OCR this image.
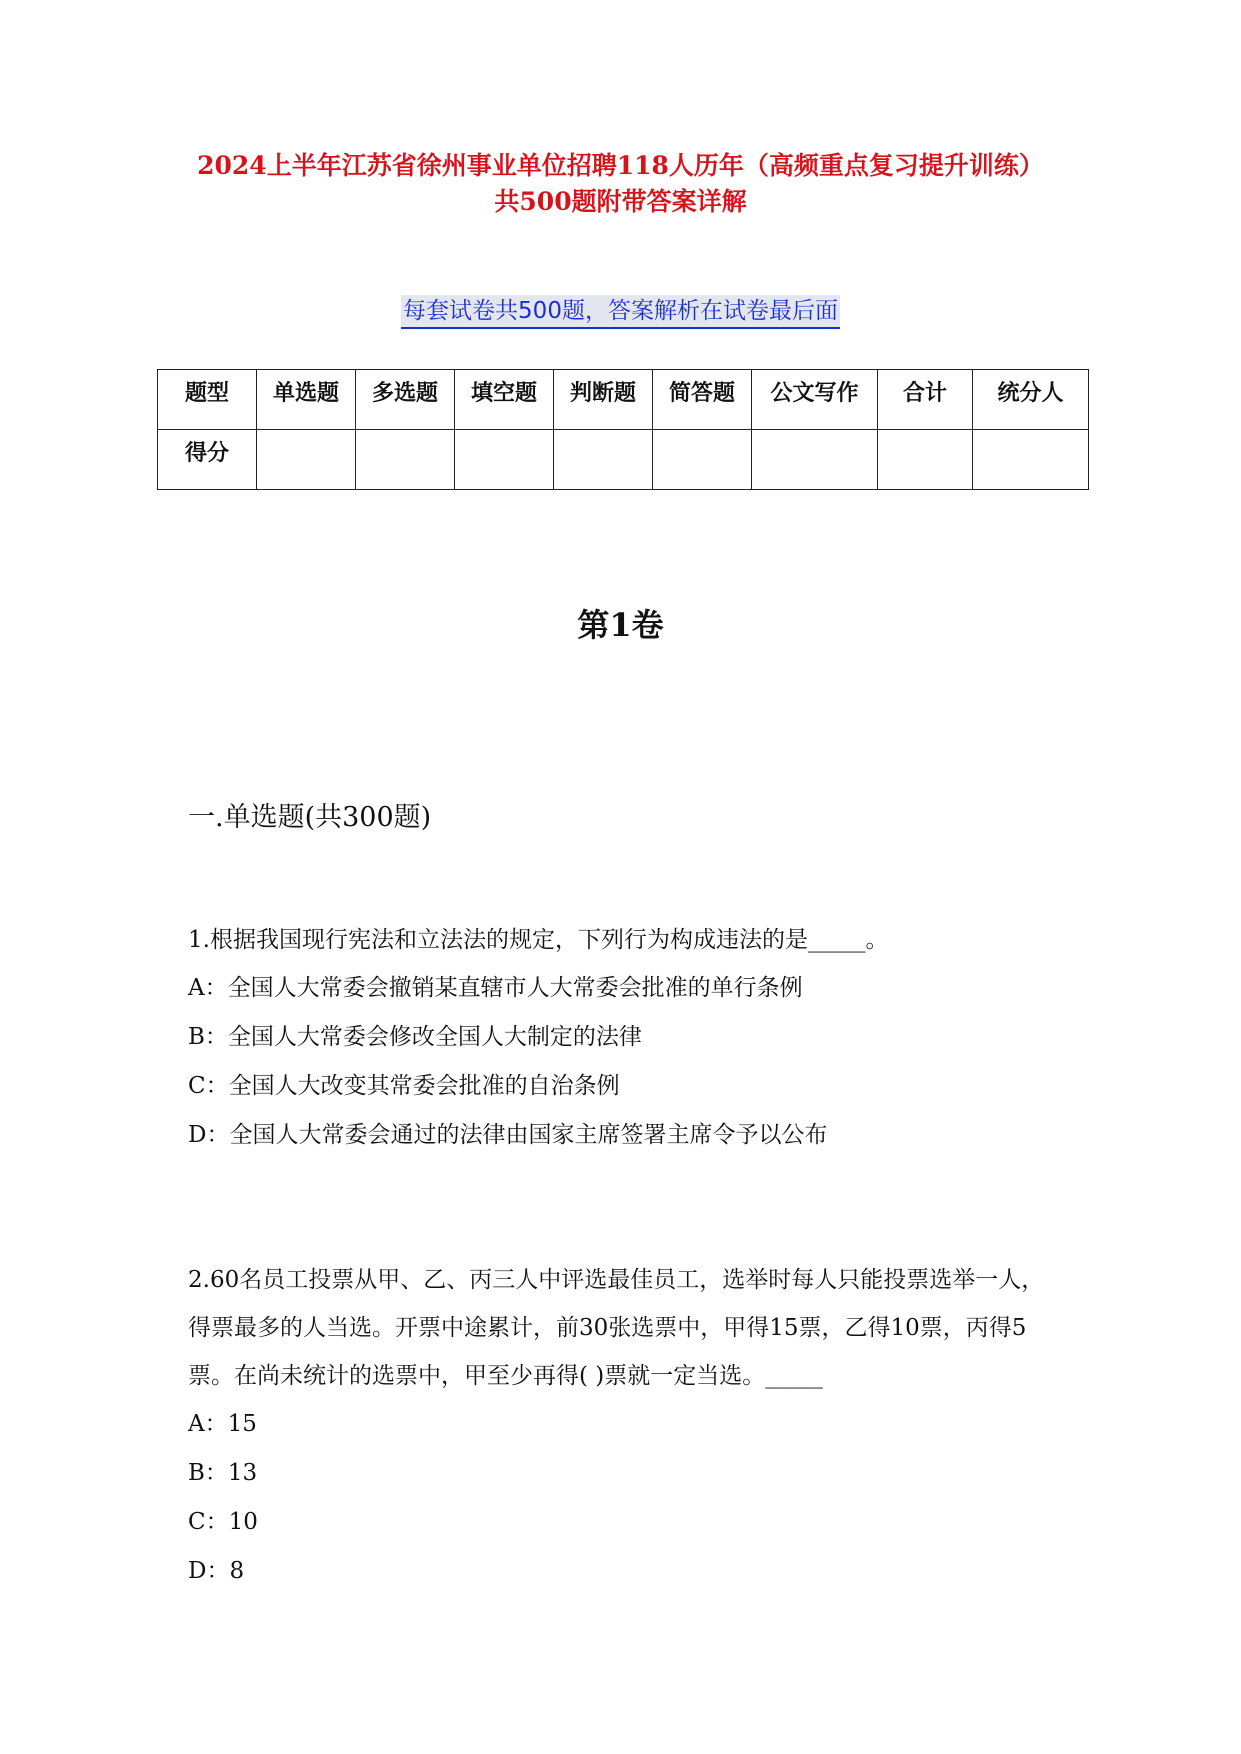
2024上半年江苏省徐州事业单位招聘118人历年（高频重点复习提升训练）
共500题附带答案详解
每套试卷共500题，答案解析在试卷最后面
题型	单选题	多选题	填空题	判断题	简答题	公文写作	合计	统分人
得分								
第1卷
一.单选题(共300题)
1.根据我国现行宪法和立法法的规定，下列行为构成违法的是_____。
A：全国人大常委会撤销某直辖市人大常委会批准的单行条例
B：全国人大常委会修改全国人大制定的法律
C：全国人大改变其常委会批准的自治条例
D：全国人大常委会通过的法律由国家主席签署主席令予以公布
2.60名员工投票从甲、乙、丙三人中评选最佳员工，选举时每人只能投票选举一人，得票最多的人当选。开票中途累计，前30张选票中，甲得15票，乙得10票，丙得5票。在尚未统计的选票中，甲至少再得( )票就一定当选。_____
A：15
B：13
C：10
D：8
